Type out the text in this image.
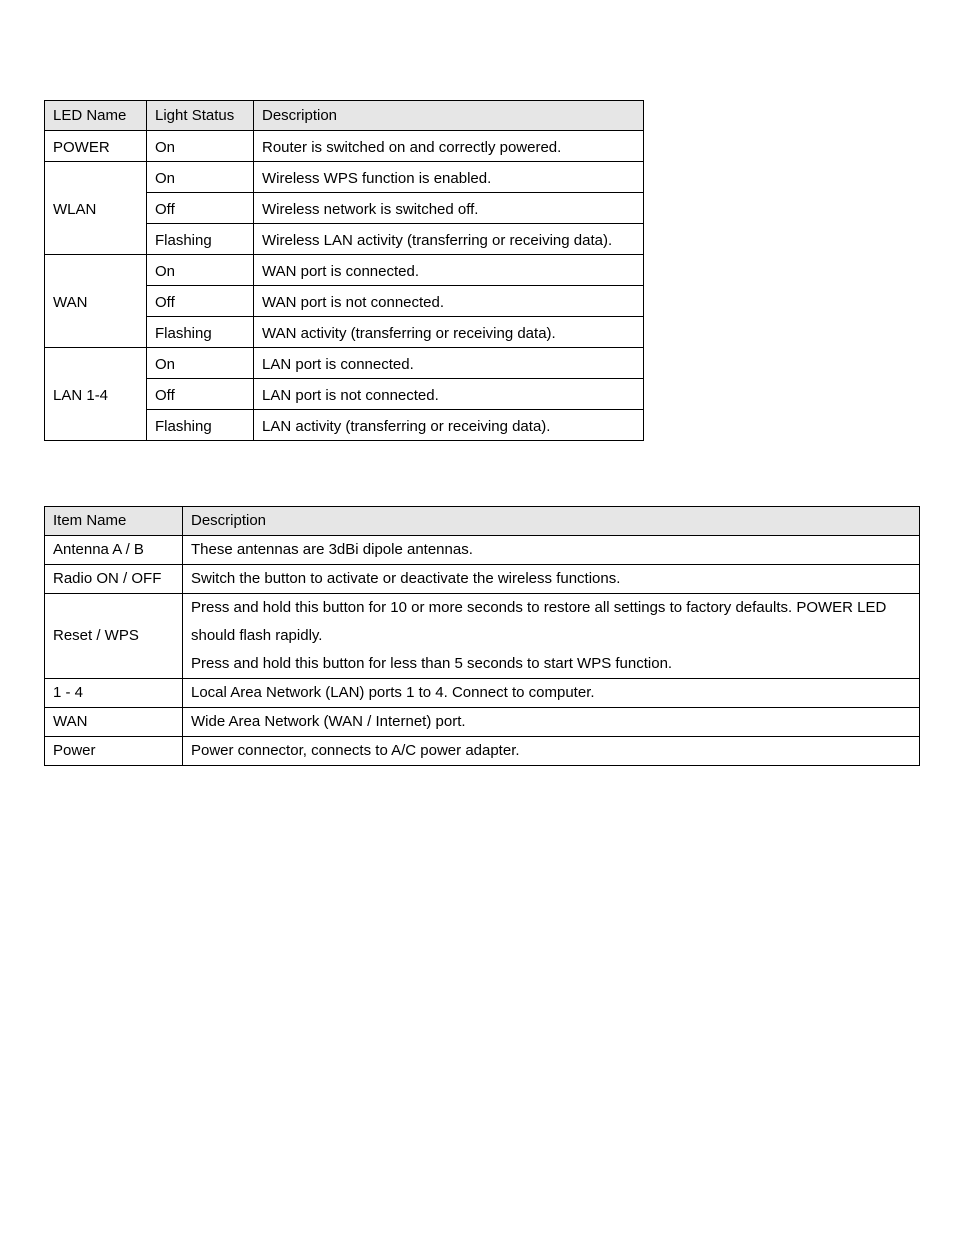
LED Name	Light Status	Description
POWER	On	Router is switched on and correctly powered.
WLAN	On	Wireless WPS function is enabled.
	Off	Wireless network is switched off.
	Flashing	Wireless LAN activity (transferring or receiving data).
WAN	On	WAN port is connected.
	Off	WAN port is not connected.
	Flashing	WAN activity (transferring or receiving data).
LAN 1-4	On	LAN port is connected.
	Off	LAN port is not connected.
	Flashing	LAN activity (transferring or receiving data).
Item Name	Description
Antenna A / B	These antennas are 3dBi dipole antennas.
Radio ON / OFF	Switch the button to activate or deactivate the wireless functions.
Reset / WPS	Press and hold this button for 10 or more seconds to restore all settings to factory defaults. POWER LED
should flash rapidly.
Press and hold this button for less than 5 seconds to start WPS function.

1 - 4	Local Area Network (LAN) ports 1 to 4. Connect to computer.
WAN	Wide Area Network (WAN / Internet) port.
Power	Power connector, connects to A/C power adapter.
